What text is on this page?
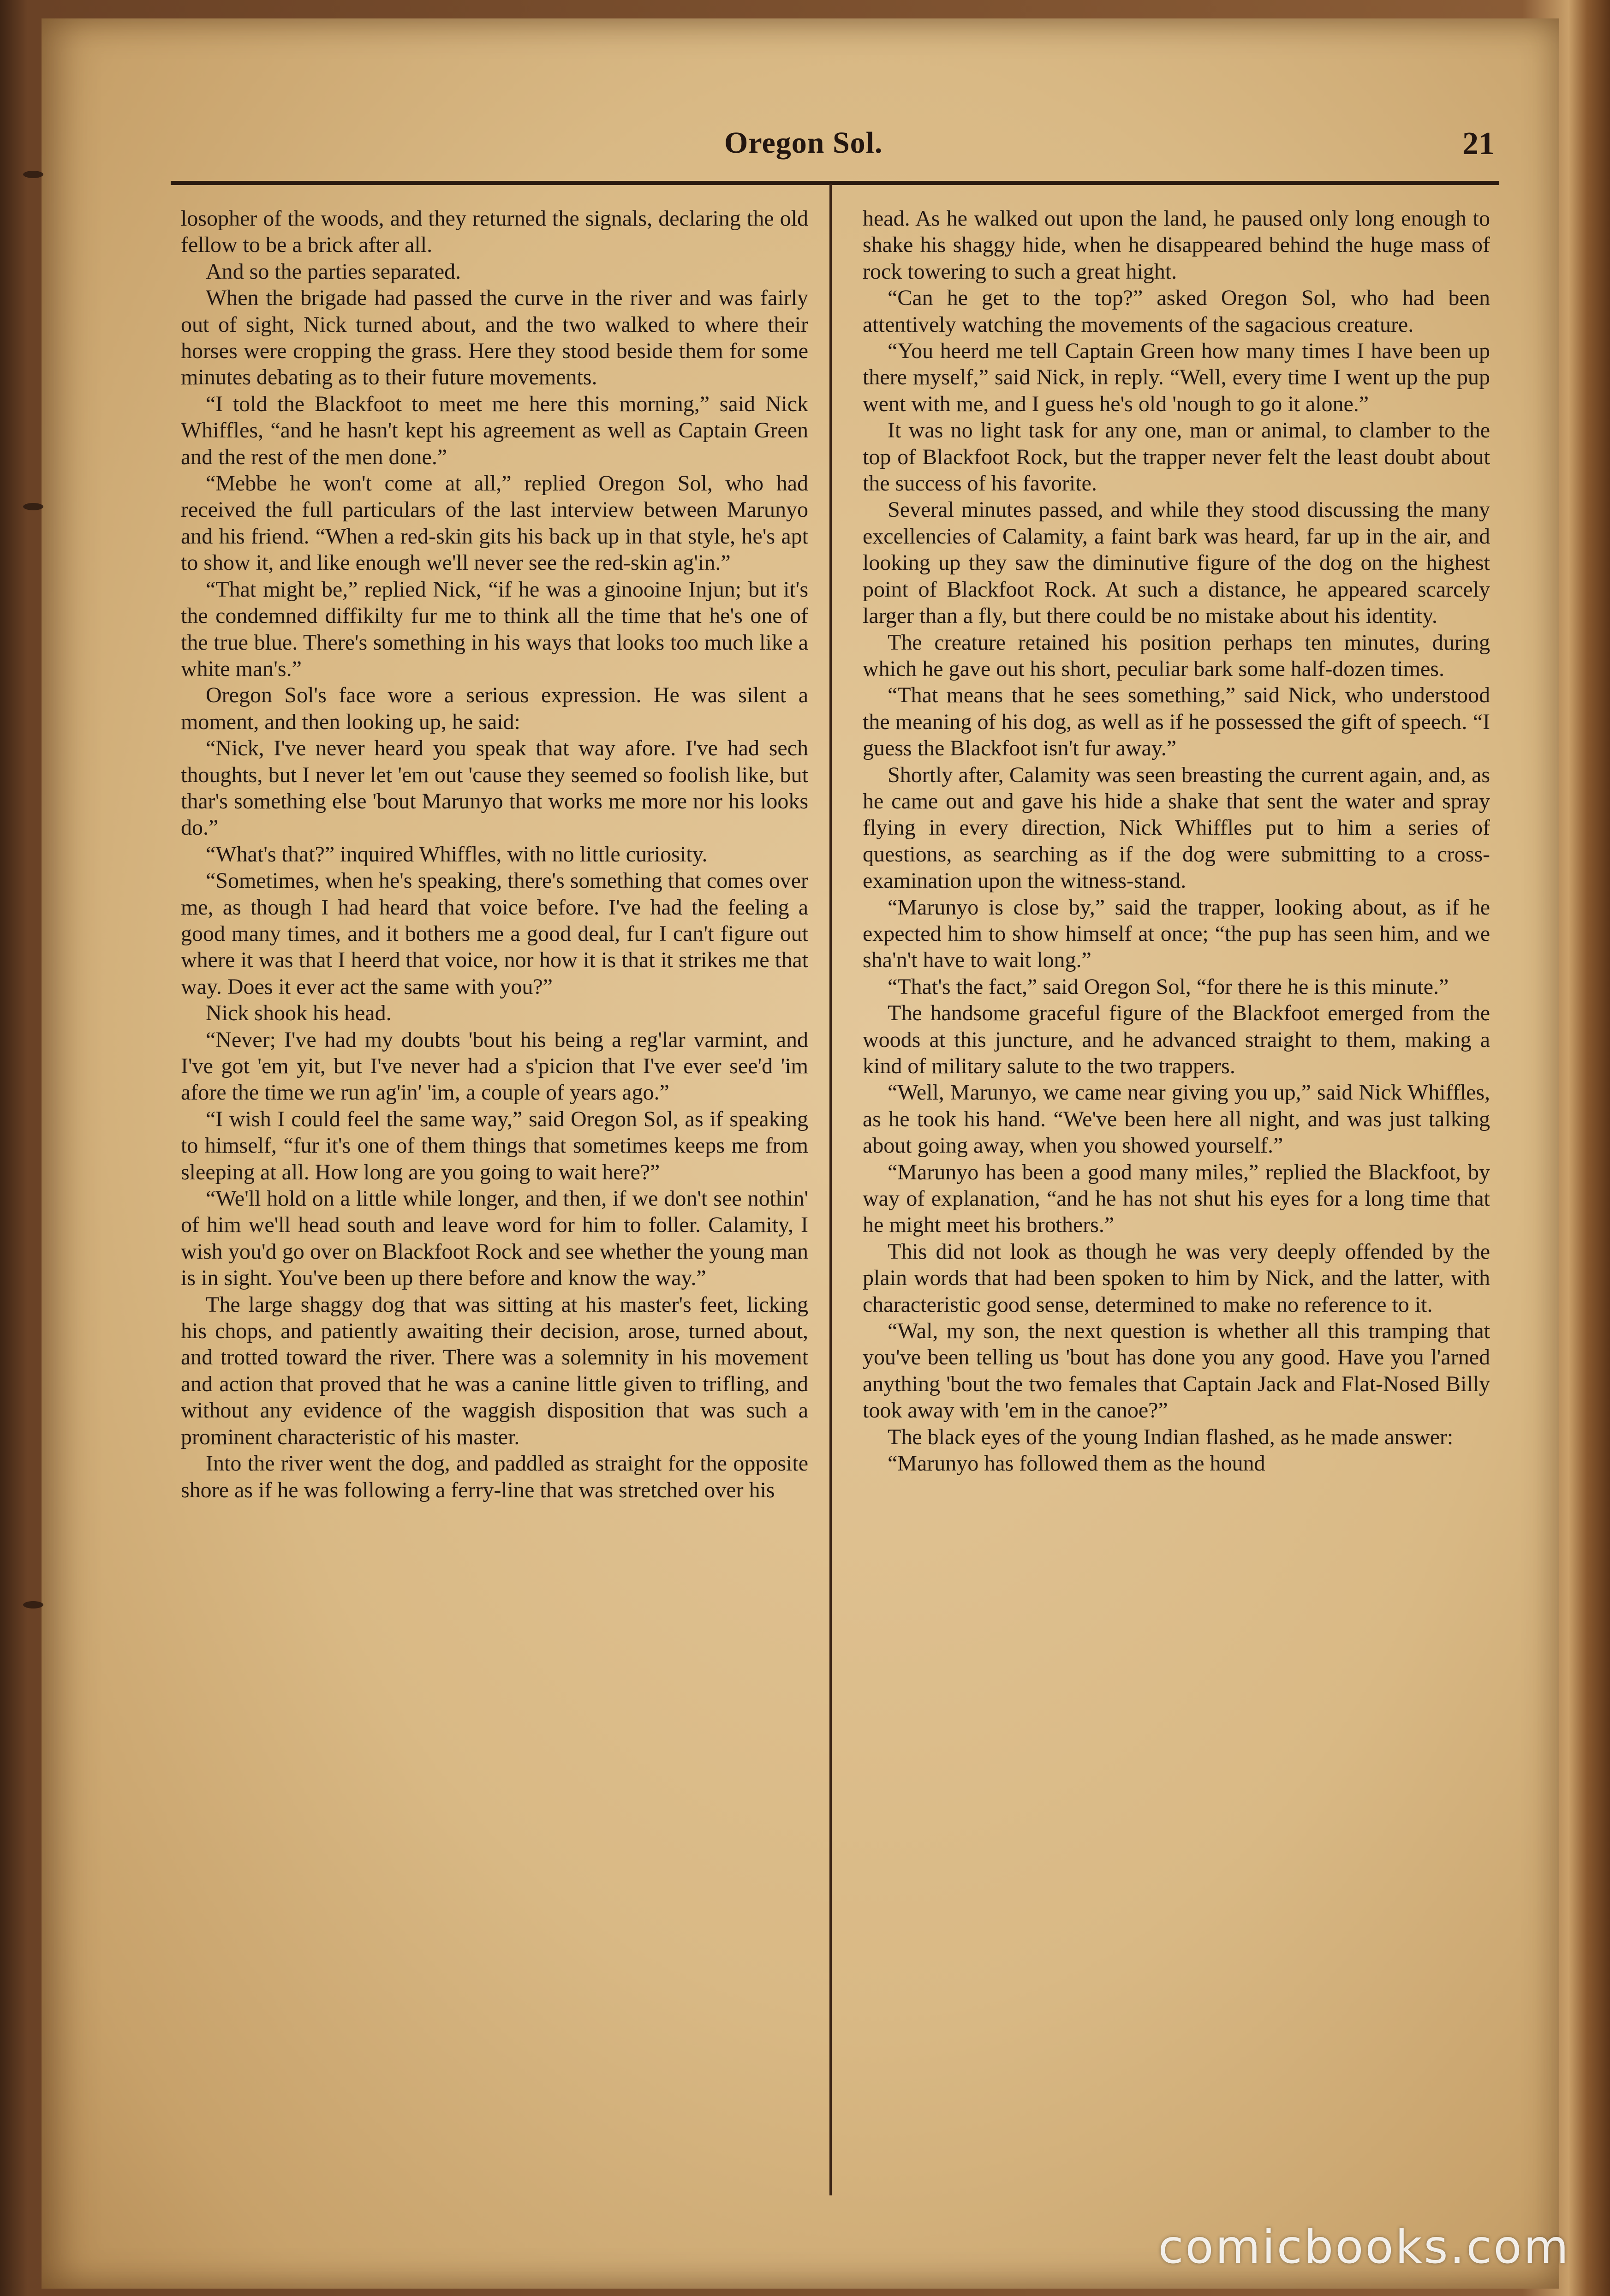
Oregon Sol.	21

losopher of the woods, and they returned the signals, declaring the old fellow to be a brick after all.

And so the parties separated.

When the brigade had passed the curve in the river and was fairly out of sight, Nick turned about, and the two walked to where their horses were cropping the grass. Here they stood beside them for some minutes debating as to their future movements.

“I told the Blackfoot to meet me here this morning,” said Nick Whiffles, “and he hasn't kept his agreement as well as Captain Green and the rest of the men done.”

“Mebbe he won't come at all,” replied Oregon Sol, who had received the full particulars of the last interview between Marunyo and his friend. “When a red-skin gits his back up in that style, he's apt to show it, and like enough we'll never see the red-skin ag'in.”

“That might be,” replied Nick, “if he was a ginooine Injun; but it's the condemned diffikilty fur me to think all the time that he's one of the true blue. There's something in his ways that looks too much like a white man's.”

Oregon Sol's face wore a serious expression. He was silent a moment, and then looking up, he said:

“Nick, I've never heard you speak that way afore. I've had sech thoughts, but I never let 'em out 'cause they seemed so foolish like, but thar's something else 'bout Marunyo that works me more nor his looks do.”

“What's that?” inquired Whiffles, with no little curiosity.

“Sometimes, when he's speaking, there's something that comes over me, as though I had heard that voice before. I've had the feeling a good many times, and it bothers me a good deal, fur I can't figure out where it was that I heerd that voice, nor how it is that it strikes me that way. Does it ever act the same with you?”

Nick shook his head.

“Never; I've had my doubts 'bout his being a reg'lar varmint, and I've got 'em yit, but I've never had a s'picion that I've ever see'd 'im afore the time we run ag'in' 'im, a couple of years ago.”

“I wish I could feel the same way,” said Oregon Sol, as if speaking to himself, “fur it's one of them things that sometimes keeps me from sleeping at all. How long are you going to wait here?”

“We'll hold on a little while longer, and then, if we don't see nothin' of him we'll head south and leave word for him to foller. Calamity, I wish you'd go over on Blackfoot Rock and see whether the young man is in sight. You've been up there before and know the way.”

The large shaggy dog that was sitting at his master's feet, licking his chops, and patiently awaiting their decision, arose, turned about, and trotted toward the river. There was a solemnity in his movement and action that proved that he was a canine little given to trifling, and without any evidence of the waggish disposition that was such a prominent characteristic of his master.

Into the river went the dog, and paddled as straight for the opposite shore as if he was following a ferry-line that was stretched over his

head. As he walked out upon the land, he paused only long enough to shake his shaggy hide, when he disappeared behind the huge mass of rock towering to such a great hight.

“Can he get to the top?” asked Oregon Sol, who had been attentively watching the movements of the sagacious creature.

“You heerd me tell Captain Green how many times I have been up there myself,” said Nick, in reply. “Well, every time I went up the pup went with me, and I guess he's old 'nough to go it alone.”

It was no light task for any one, man or animal, to clamber to the top of Blackfoot Rock, but the trapper never felt the least doubt about the success of his favorite.

Several minutes passed, and while they stood discussing the many excellencies of Calamity, a faint bark was heard, far up in the air, and looking up they saw the diminutive figure of the dog on the highest point of Blackfoot Rock. At such a distance, he appeared scarcely larger than a fly, but there could be no mistake about his identity.

The creature retained his position perhaps ten minutes, during which he gave out his short, peculiar bark some half-dozen times.

“That means that he sees something,” said Nick, who understood the meaning of his dog, as well as if he possessed the gift of speech. “I guess the Blackfoot isn't fur away.”

Shortly after, Calamity was seen breasting the current again, and, as he came out and gave his hide a shake that sent the water and spray flying in every direction, Nick Whiffles put to him a series of questions, as searching as if the dog were submitting to a cross-examination upon the witness-stand.

“Marunyo is close by,” said the trapper, looking about, as if he expected him to show himself at once; “the pup has seen him, and we sha'n't have to wait long.”

“That's the fact,” said Oregon Sol, “for there he is this minute.”

The handsome graceful figure of the Blackfoot emerged from the woods at this juncture, and he advanced straight to them, making a kind of military salute to the two trappers.

“Well, Marunyo, we came near giving you up,” said Nick Whiffles, as he took his hand. “We've been here all night, and was just talking about going away, when you showed yourself.”

“Marunyo has been a good many miles,” replied the Blackfoot, by way of explanation, “and he has not shut his eyes for a long time that he might meet his brothers.”

This did not look as though he was very deeply offended by the plain words that had been spoken to him by Nick, and the latter, with characteristic good sense, determined to make no reference to it.

“Wal, my son, the next question is whether all this tramping that you've been telling us 'bout has done you any good. Have you l'arned anything 'bout the two females that Captain Jack and Flat-Nosed Billy took away with 'em in the canoe?”

The black eyes of the young Indian flashed, as he made answer:

“Marunyo has followed them as the hound

comicbooks.com
